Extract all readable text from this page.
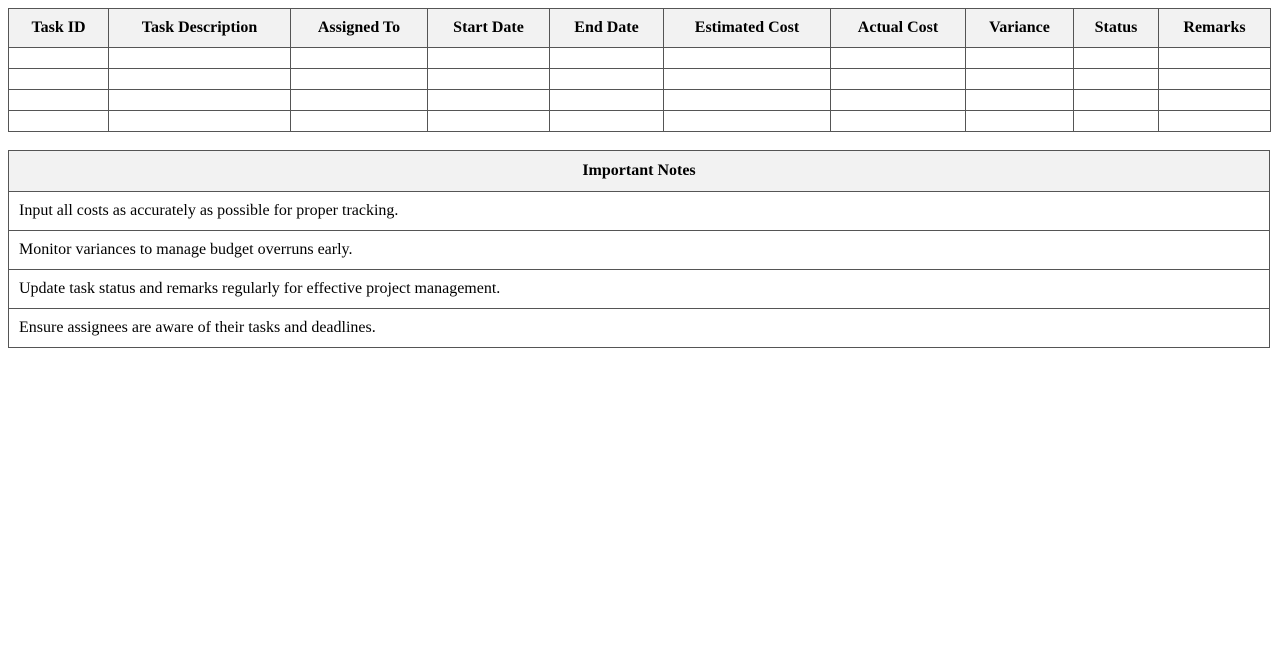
Task ID	Task Description	Assigned To	Start Date	End Date	Estimated Cost	Actual Cost	Variance	Status	Remarks

Important Notes
Input all costs as accurately as possible for proper tracking.
Monitor variances to manage budget overruns early.
Update task status and remarks regularly for effective project management.
Ensure assignees are aware of their tasks and deadlines.
